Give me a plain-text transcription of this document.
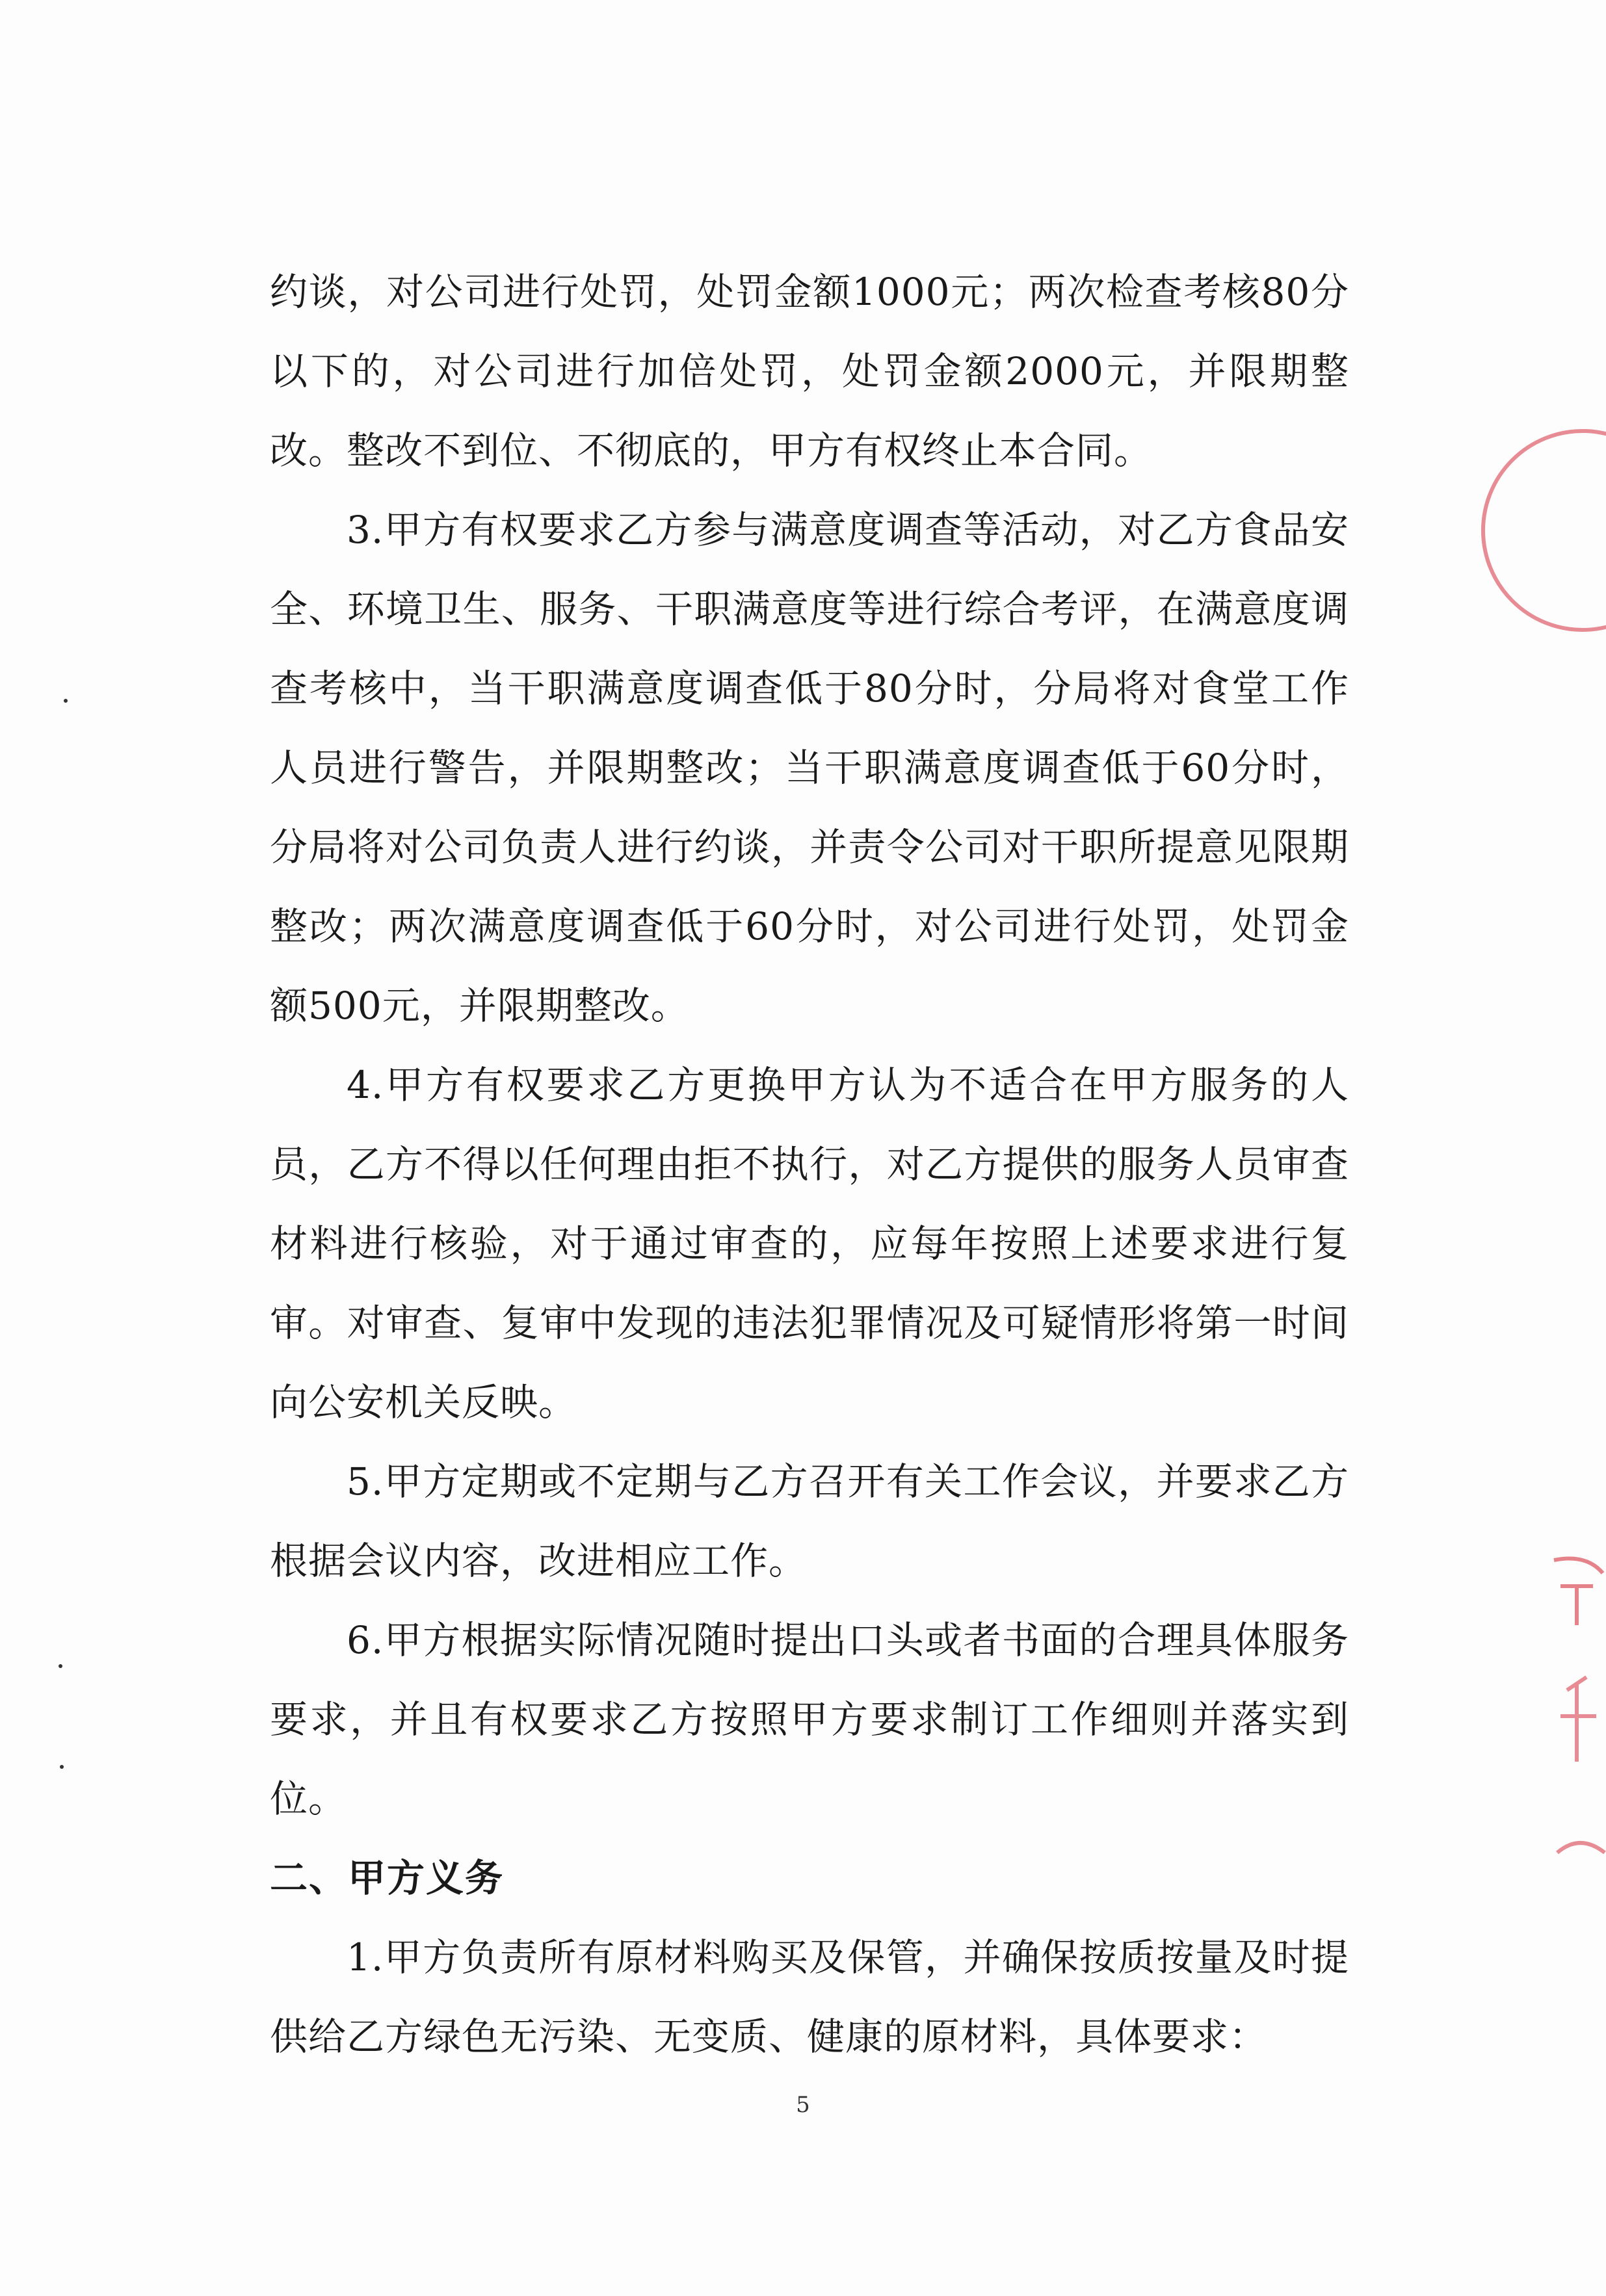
约谈，对公司进行处罚，处罚金额1000元；两次检查考核80分以下的，对公司进行加倍处罚，处罚金额2000元，并限期整改。整改不到位、不彻底的，甲方有权终止本合同。

3.甲方有权要求乙方参与满意度调查等活动，对乙方食品安全、环境卫生、服务、干职满意度等进行综合考评，在满意度调查考核中，当干职满意度调查低于80分时，分局将对食堂工作人员进行警告，并限期整改；当干职满意度调查低于60分时，分局将对公司负责人进行约谈，并责令公司对干职所提意见限期整改；两次满意度调查低于60分时，对公司进行处罚，处罚金额500元，并限期整改。

4.甲方有权要求乙方更换甲方认为不适合在甲方服务的人员，乙方不得以任何理由拒不执行，对乙方提供的服务人员审查材料进行核验，对于通过审查的，应每年按照上述要求进行复审。对审查、复审中发现的违法犯罪情况及可疑情形将第一时间向公安机关反映。

5.甲方定期或不定期与乙方召开有关工作会议，并要求乙方根据会议内容，改进相应工作。

6.甲方根据实际情况随时提出口头或者书面的合理具体服务要求，并且有权要求乙方按照甲方要求制订工作细则并落实到位。

二、甲方义务

1.甲方负责所有原材料购买及保管，并确保按质按量及时提供给乙方绿色无污染、无变质、健康的原材料，具体要求：

5
